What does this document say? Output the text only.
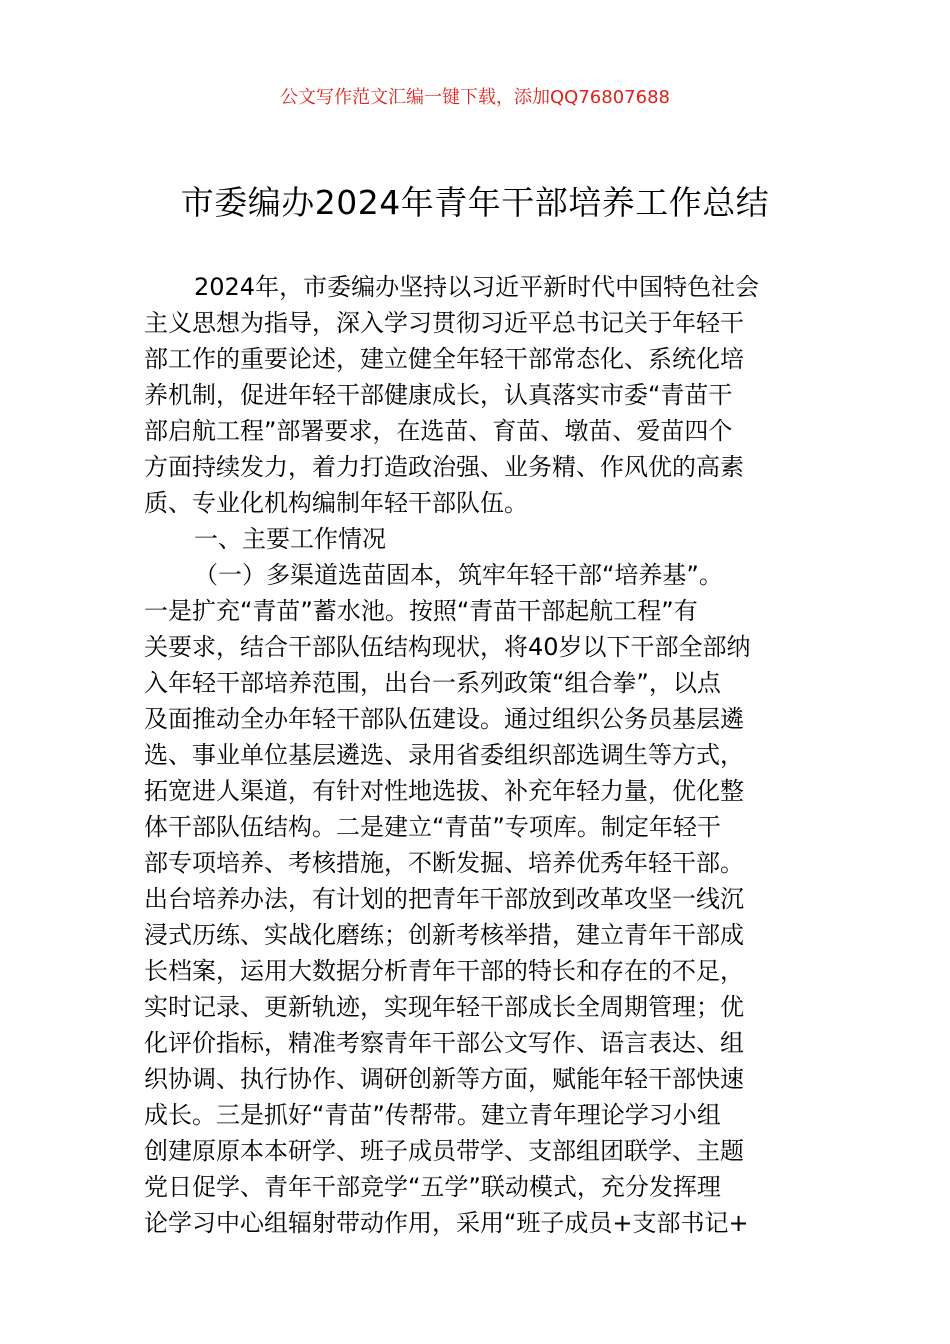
公文写作范文汇编一键下载，添加QQ76807688
市委编办2024年青年干部培养工作总结
2024年，市委编办坚持以习近平新时代中国特色社会
主义思想为指导，深入学习贯彻习近平总书记关于年轻干
部工作的重要论述，建立健全年轻干部常态化、系统化培
养机制，促进年轻干部健康成长，认真落实市委“青苗干
部启航工程”部署要求，在选苗、育苗、墩苗、爱苗四个
方面持续发力，着力打造政治强、业务精、作风优的高素
质、专业化机构编制年轻干部队伍。
一、主要工作情况
（一）多渠道选苗固本，筑牢年轻干部“培养基”。
一是扩充“青苗”蓄水池。按照“青苗干部起航工程”有
关要求，结合干部队伍结构现状，将40岁以下干部全部纳
入年轻干部培养范围，出台一系列政策“组合拳”，以点
及面推动全办年轻干部队伍建设。通过组织公务员基层遴
选、事业单位基层遴选、录用省委组织部选调生等方式，
拓宽进人渠道，有针对性地选拔、补充年轻力量，优化整
体干部队伍结构。二是建立“青苗”专项库。制定年轻干
部专项培养、考核措施，不断发掘、培养优秀年轻干部。
出台培养办法，有计划的把青年干部放到改革攻坚一线沉
浸式历练、实战化磨练；创新考核举措，建立青年干部成
长档案，运用大数据分析青年干部的特长和存在的不足，
实时记录、更新轨迹，实现年轻干部成长全周期管理；优
化评价指标，精准考察青年干部公文写作、语言表达、组
织协调、执行协作、调研创新等方面，赋能年轻干部快速
成长。三是抓好“青苗”传帮带。建立青年理论学习小组
创建原原本本研学、班子成员带学、支部组团联学、主题
党日促学、青年干部竞学“五学”联动模式，充分发挥理
论学习中心组辐射带动作用，采用“班子成员+支部书记+
